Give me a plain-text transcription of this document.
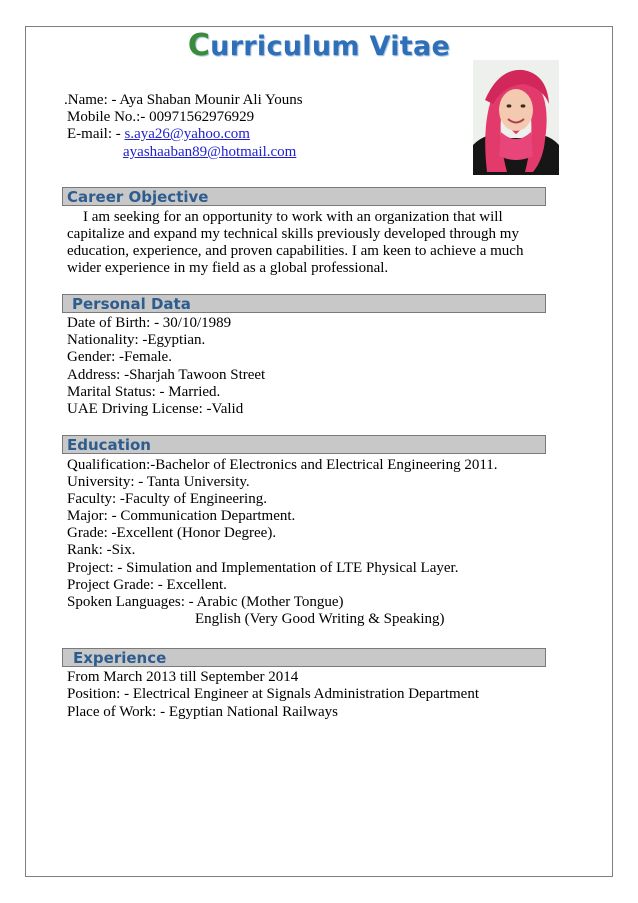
Curriculum Vitae
.Name: - Aya Shaban Mounir Ali Youns
Mobile No.:- 00971562976929
E-mail: - s.aya26@yahoo.com
ayashaaban89@hotmail.com
Career Objective
I am seeking for an opportunity to work with an organization that will
capitalize and expand my technical skills previously developed through my
education, experience, and proven capabilities. I am keen to achieve a much
wider experience in my field as a global professional.
Personal Data
Date of Birth: - 30/10/1989
Nationality: -Egyptian.
Gender: -Female.
Address: -Sharjah Tawoon Street
Marital Status: - Married.
UAE Driving License: -Valid
Education
Qualification:-Bachelor of Electronics and Electrical Engineering 2011.
University: - Tanta University.
Faculty: -Faculty of Engineering.
Major: - Communication Department.
Grade: -Excellent (Honor Degree).
Rank: -Six.
Project: - Simulation and Implementation of LTE Physical Layer.
Project Grade: - Excellent.
Spoken Languages: - Arabic (Mother Tongue)
English (Very Good Writing & Speaking)
Experience
From March 2013 till September 2014
Position: - Electrical Engineer at Signals Administration Department
Place of Work: - Egyptian National Railways
